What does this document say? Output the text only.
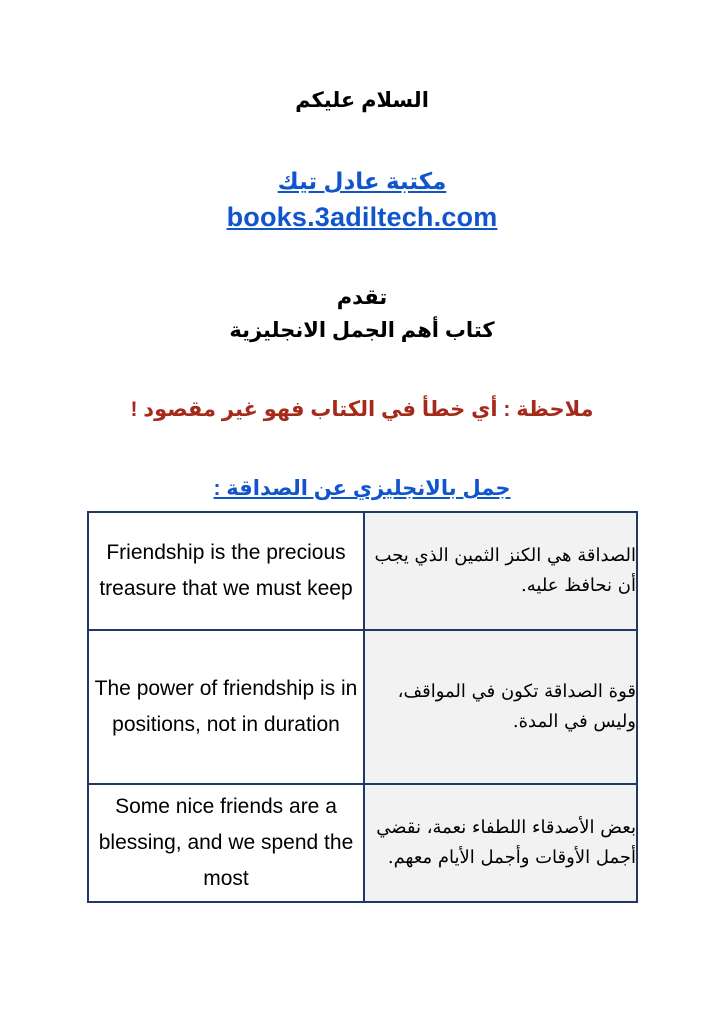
السلام عليكم
مكتبة عادل تيك
books.3adiltech.com
تقدم
كتاب أهم الجمل الانجليزية
ملاحظة : أي خطأ في الكتاب فهو غير مقصود !
جمل بالانجليزي عن الصداقة :
Friendship is the precious treasure that we must keep	الصداقة هي الكنز الثمين الذي يجب أن نحافظ عليه.
The power of friendship is in positions, not in duration	قوة الصداقة تكون في المواقف، وليس في المدة.
Some nice friends are a blessing, and we spend the most	بعض الأصدقاء اللطفاء نعمة، نقضي أجمل الأوقات وأجمل الأيام معهم.
